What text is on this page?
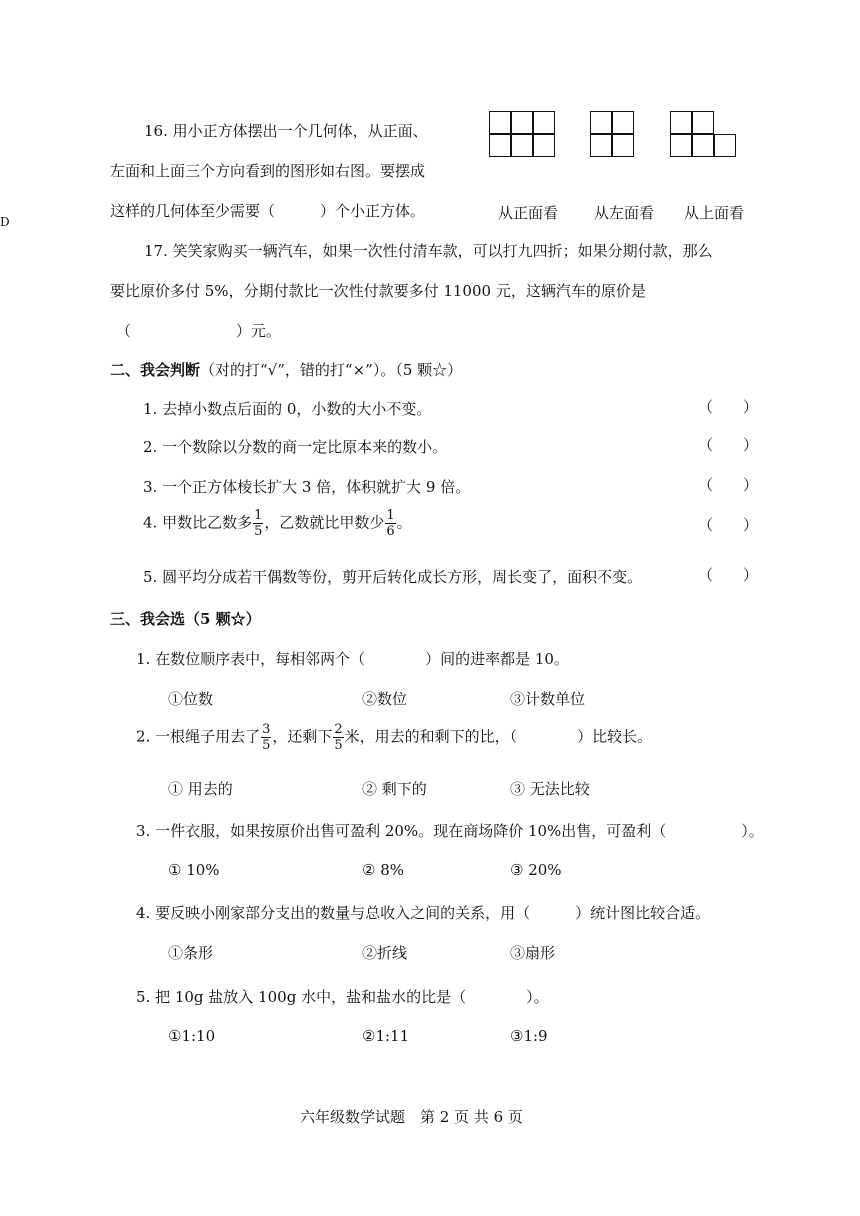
D
16. 用小正方体摆出一个几何体，从正面、
左面和上面三个方向看到的图形如右图。要摆成
这样的几何体至少需要（　　　）个小正方体。	从正面看 从左面看 从上面看
17. 笑笑家购买一辆汽车，如果一次性付清车款，可以打九四折；如果分期付款，那么
要比原价多付 5%，分期付款比一次性付款要多付 11000 元，这辆汽车的原价是
（　　　　　　　）元。
二、我会判断（对的打“√”，错的打“×”）。（5 颗☆）
1. 去掉小数点后面的 0，小数的大小不变。	（　　）
2. 一个数除以分数的商一定比原本来的数小。	（　　）
3. 一个正方体棱长扩大 3 倍，体积就扩大 9 倍。	（　　）
4. 甲数比乙数多 $\frac{1}{5}$ ，乙数就比甲数少 $\frac{1}{6}$ 。	（　　）
5. 圆平均分成若干偶数等份，剪开后转化成长方形，周长变了，面积不变。	（　　）
三、我会选（5 颗☆）
1. 在数位顺序表中，每相邻两个（　　　　）间的进率都是 10。
①位数	②数位	③计数单位
2. 一根绳子用去了 $\frac{3}{5}$ ，还剩下 $\frac{2}{5}$ 米，用去的和剩下的比，（　　　　）比较长。
① 用去的	② 剩下的	③ 无法比较
3. 一件衣服，如果按原价出售可盈利 20%。现在商场降价 10%出售，可盈利（　　　　　）。
① 10%	② 8%	③ 20%
4. 要反映小刚家部分支出的数量与总收入之间的关系，用（　　　）统计图比较合适。
①条形	②折线	③扇形
5. 把 10g 盐放入 100g 水中，盐和盐水的比是（　　　　）。
①1:10	②1:11	③1:9
六年级数学试题　第 2 页 共 6 页
